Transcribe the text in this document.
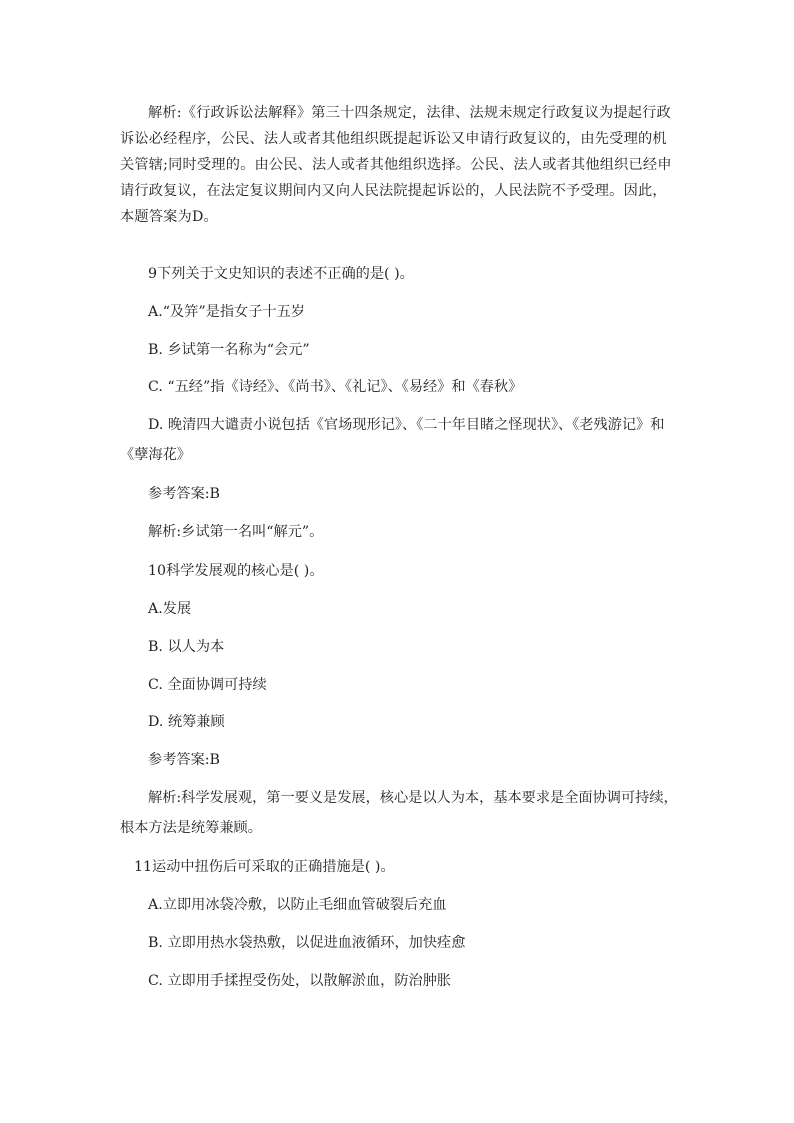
解析:《行政诉讼法解释》第三十四条规定，法律、法规未规定行政复议为提起行政诉讼必经程序，公民、法人或者其他组织既提起诉讼又申请行政复议的，由先受理的机关管辖;同时受理的。由公民、法人或者其他组织选择。公民、法人或者其他组织已经申请行政复议，在法定复议期间内又向人民法院提起诉讼的，人民法院不予受理。因此，本题答案为D。

9下列关于文史知识的表述不正确的是( )。

A.“及笄”是指女子十五岁

B. 乡试第一名称为“会元”

C. “五经”指《诗经》、《尚书》、《礼记》、《易经》和《春秋》

D. 晚清四大谴责小说包括《官场现形记》、《二十年目睹之怪现状》、《老残游记》和《孽海花》

参考答案:B

解析:乡试第一名叫“解元”。

10科学发展观的核心是( )。

A.发展

B. 以人为本

C. 全面协调可持续

D. 统筹兼顾

参考答案:B

解析:科学发展观，第一要义是发展，核心是以人为本，基本要求是全面协调可持续，根本方法是统筹兼顾。

11运动中扭伤后可采取的正确措施是( )。

A.立即用冰袋冷敷，以防止毛细血管破裂后充血

B. 立即用热水袋热敷，以促进血液循环，加快痊愈

C. 立即用手揉捏受伤处，以散解淤血，防治肿胀
